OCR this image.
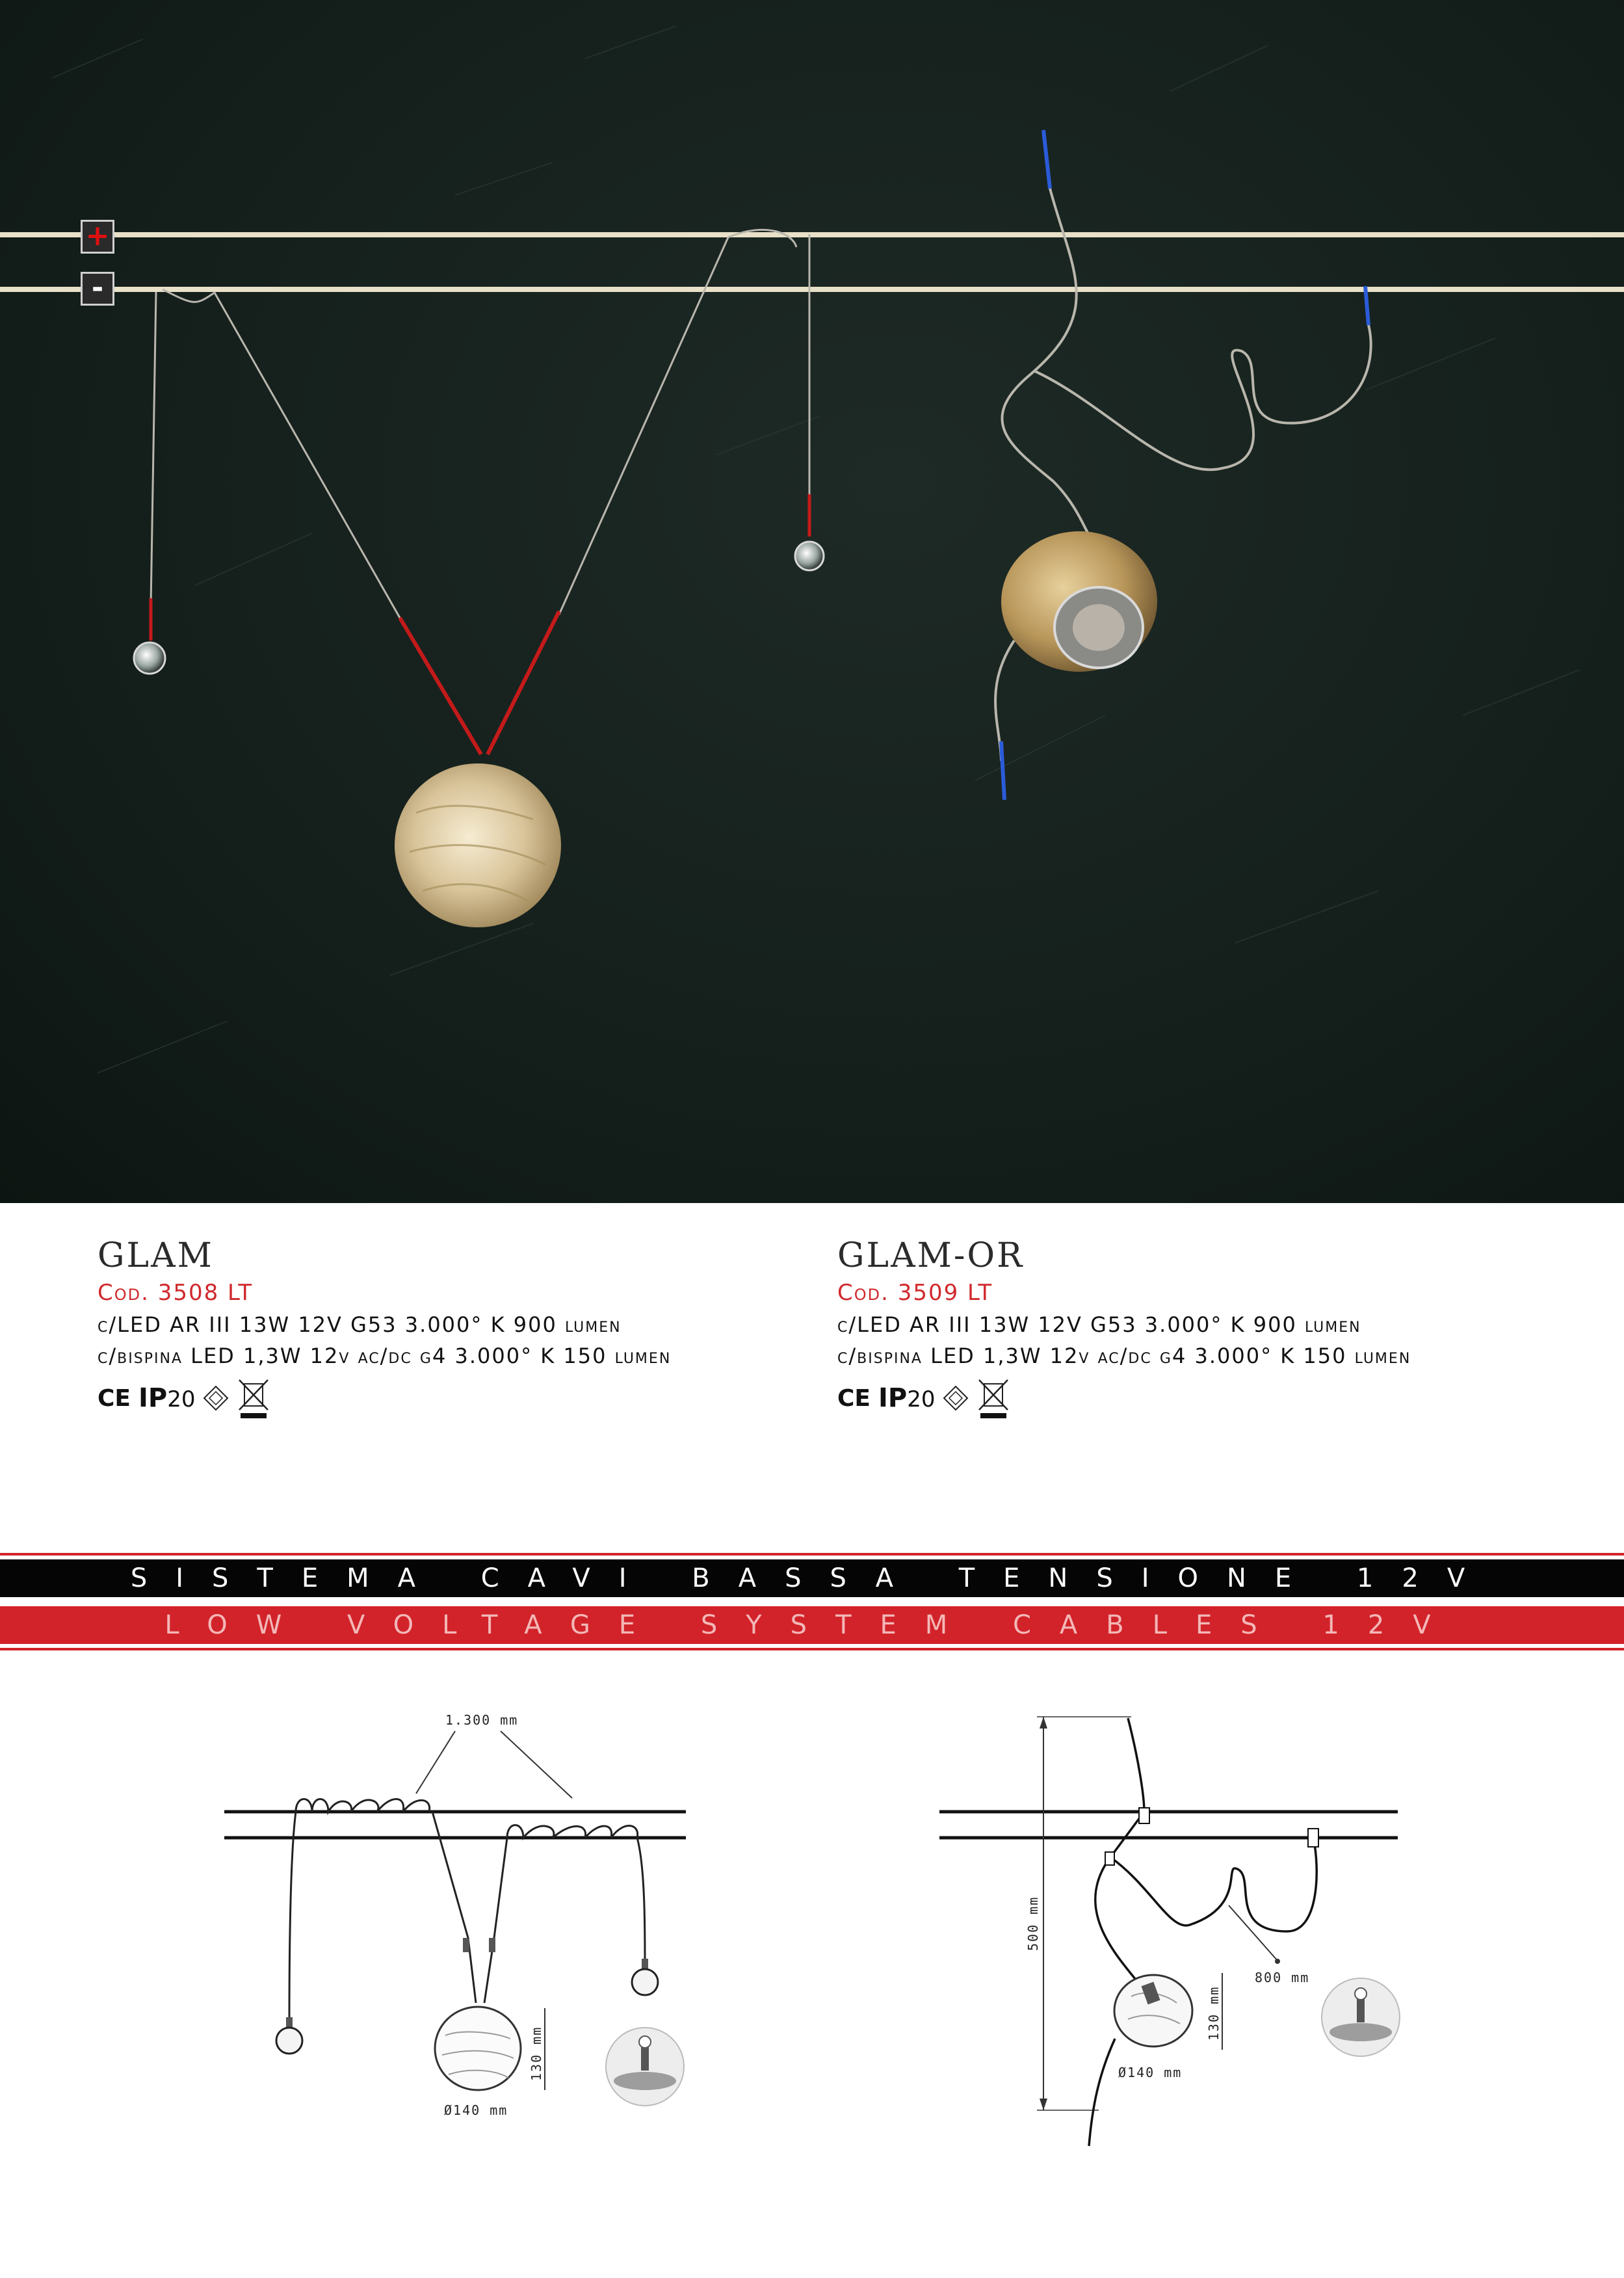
+
-
GLAM
Cod. 3508 LT
c/LED AR III 13W 12V G53 3.000° K 900 lumen
c/bispina LED 1,3W 12v ac/dc g4 3.000° K 150 lumen
CE IP20
GLAM-OR
Cod. 3509 LT
c/LED AR III 13W 12V G53 3.000° K 900 lumen
c/bispina LED 1,3W 12v ac/dc g4 3.000° K 150 lumen
CE IP20
SISTEMA CAVI BASSA TENSIONE 12V
LOW VOLTAGE SYSTEM CABLES 12V
1.300 mm
130 mm
Ø140 mm
500 mm
800 mm
130 mm
Ø140 mm
